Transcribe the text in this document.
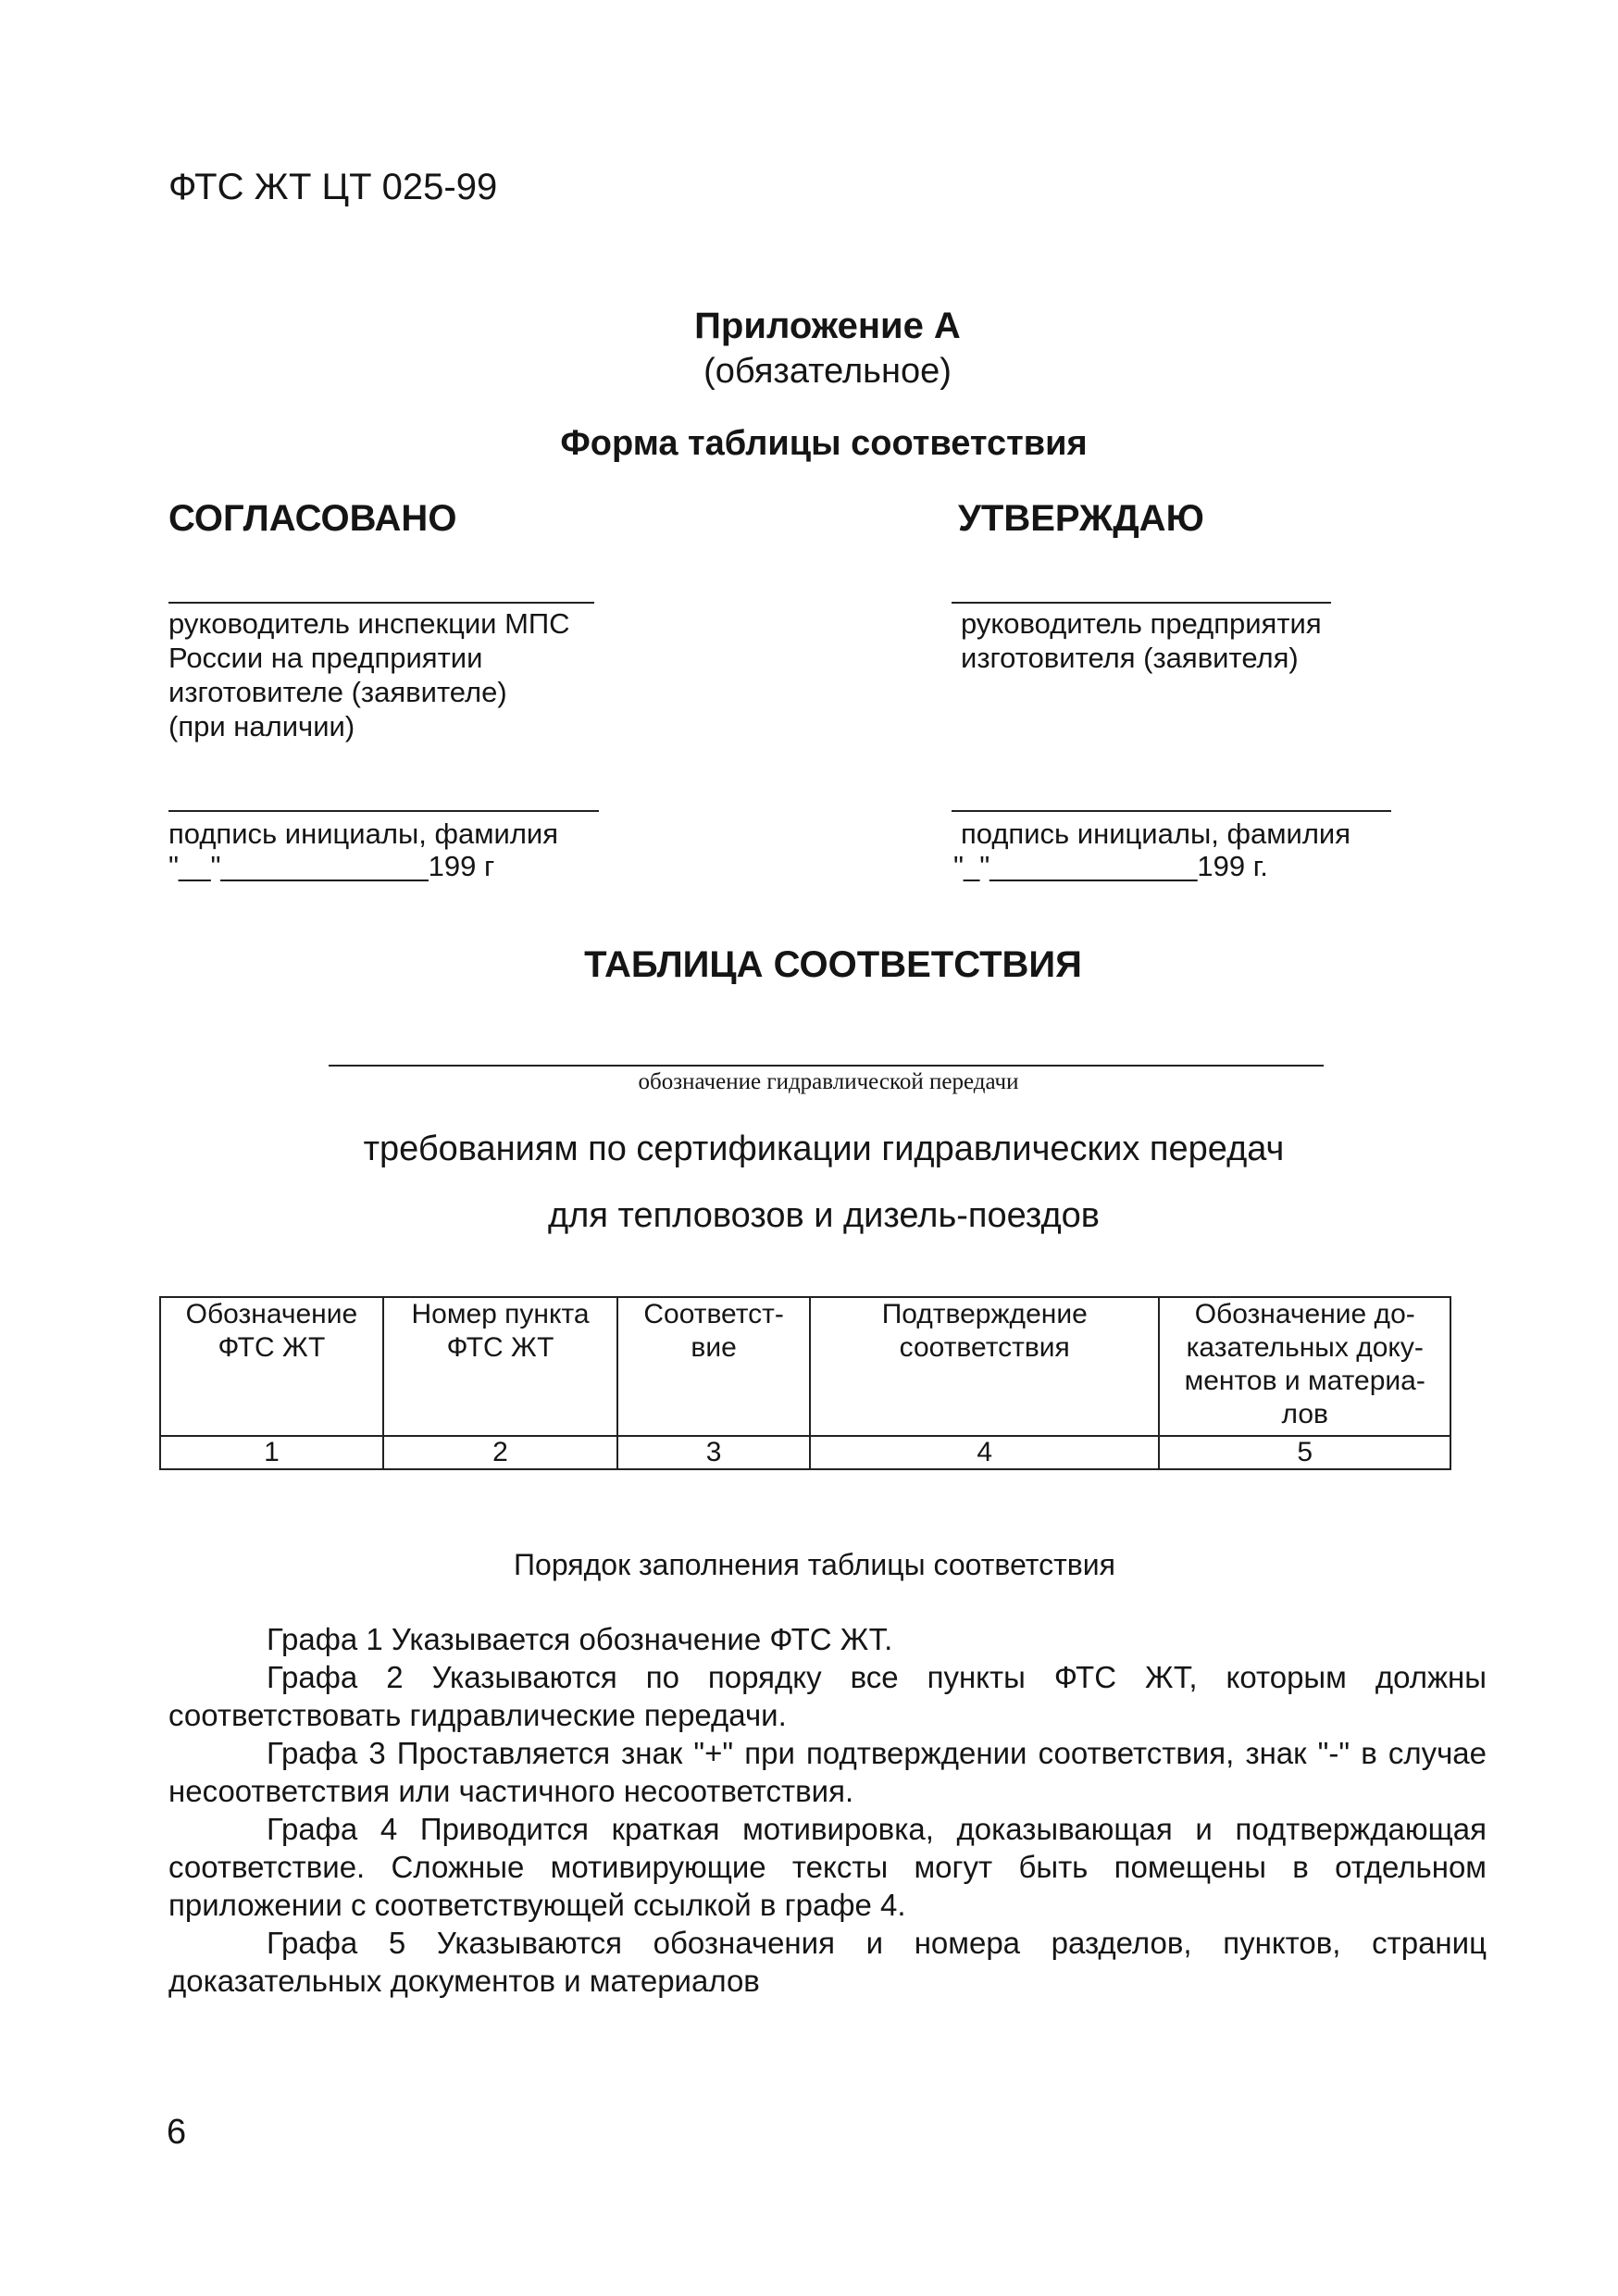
ФТС ЖТ ЦТ 025-99
Приложение А
(обязательное)
Форма таблицы соответствия
СОГЛАСОВАНО
руководитель инспекции МПС
России на предприятии
изготовителе (заявителе)
(при наличии)
подпись инициалы, фамилия
"__"_____________199 г
УТВЕРЖДАЮ
руководитель предприятия
изготовителя (заявителя)
подпись инициалы, фамилия
"_"_____________199 г.
ТАБЛИЦА СООТВЕТСТВИЯ
обозначение гидравлической передачи
требованиям по сертификации гидравлических передач
для тепловозов и дизель-поездов
Обозначение ФТС ЖТ	Номер пункта ФТС ЖТ	Соответст-вие	Подтверждение соответствия	Обозначение до-казательных доку-ментов и материа-лов
1	2	3	4	5
Порядок заполнения таблицы соответствия

Графа 1 Указывается обозначение ФТС ЖТ.

Графа 2 Указываются по порядку все пункты ФТС ЖТ, которым должны соответствовать гидравлические передачи.

Графа 3 Проставляется знак "+" при подтверждении соответствия, знак "-" в случае несоответствия или частичного несоответствия.

Графа 4 Приводится краткая мотивировка, доказывающая и подтверждающая соответствие. Сложные мотивирующие тексты могут быть помещены в отдельном приложении с соответствующей ссылкой в графе 4.

Графа 5 Указываются обозначения и номера разделов, пунктов, страниц доказательных документов и материалов

6
